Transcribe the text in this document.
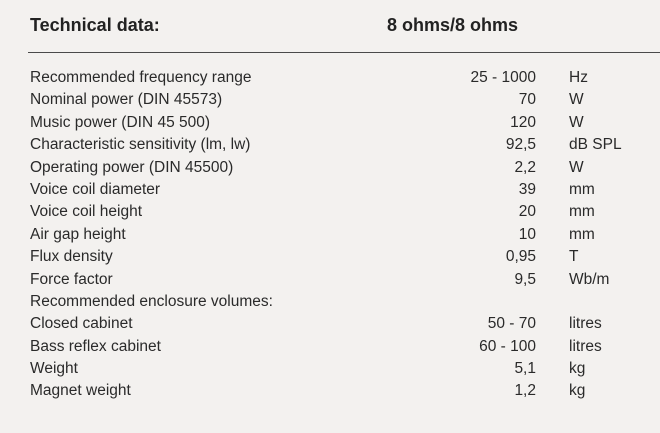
Technical data:	8 ohms/8 ohms
Recommended frequency range	25 - 1000 Hz
Nominal power (DIN 45573)	70 W
Music power (DIN 45 500)	120 W
Characteristic sensitivity (lm, lw)	92,5 dB SPL
Operating power (DIN 45500)	2,2 W
Voice coil diameter	39 mm
Voice coil height	20 mm
Air gap height	10 mm
Flux density	0,95 T
Force factor	9,5 Wb/m
Recommended enclosure volumes:
Closed cabinet	50 - 70 litres
Bass reflex cabinet	60 - 100 litres
Weight	5,1 kg
Magnet weight	1,2 kg
